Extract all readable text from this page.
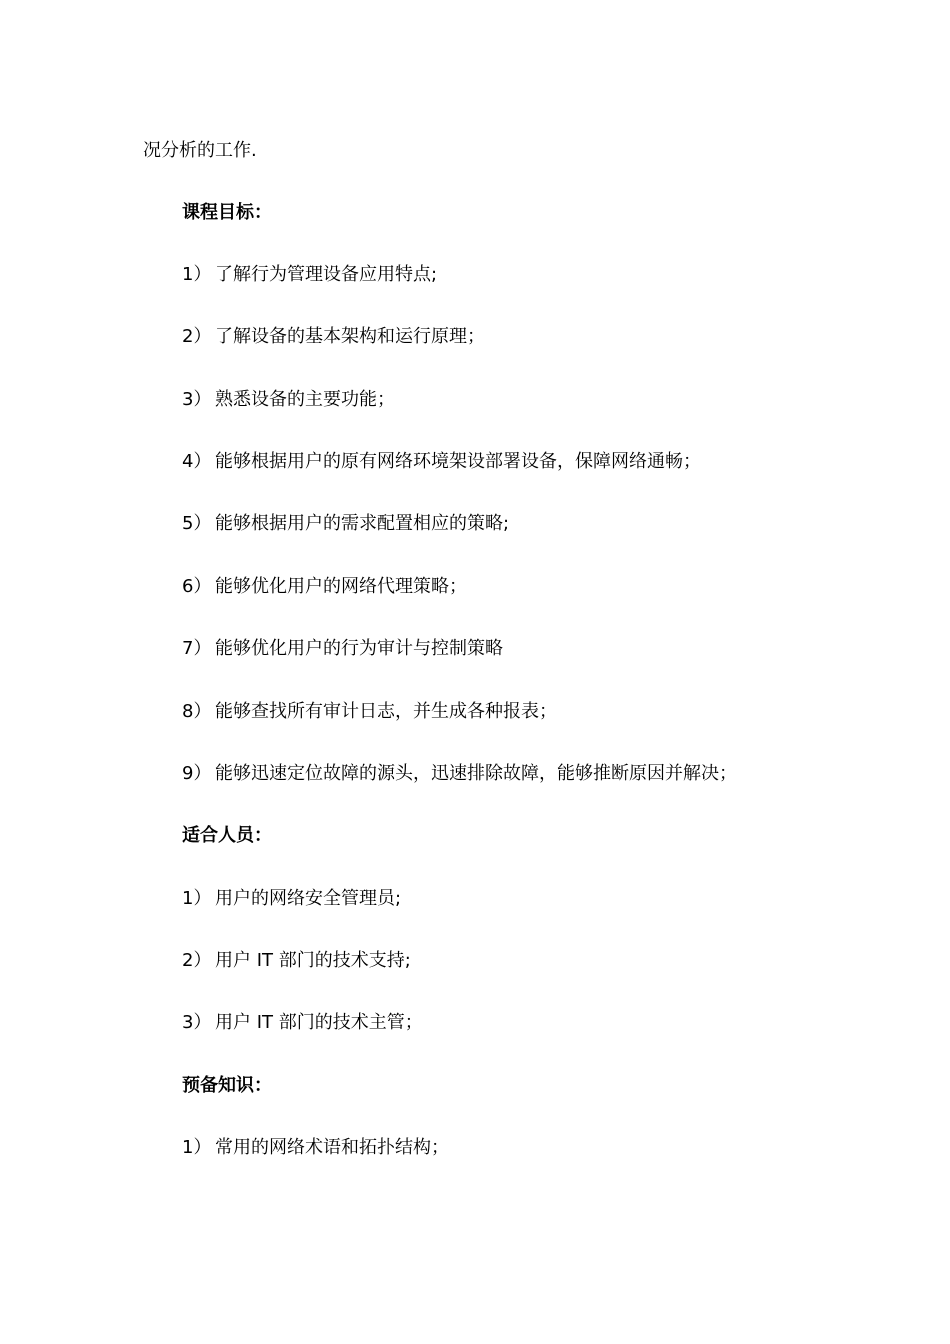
况分析的工作.
课程目标：
1） 了解行为管理设备应用特点;
2） 了解设备的基本架构和运行原理；
3） 熟悉设备的主要功能；
4） 能够根据用户的原有网络环境架设部署设备，保障网络通畅；
5） 能够根据用户的需求配置相应的策略;
6） 能够优化用户的网络代理策略；
7） 能够优化用户的行为审计与控制策略
8） 能够查找所有审计日志，并生成各种报表；
9） 能够迅速定位故障的源头，迅速排除故障，能够推断原因并解决；
适合人员：
1） 用户的网络安全管理员;
2） 用户 IT 部门的技术支持;
3） 用户 IT 部门的技术主管；
预备知识：
1） 常用的网络术语和拓扑结构；
